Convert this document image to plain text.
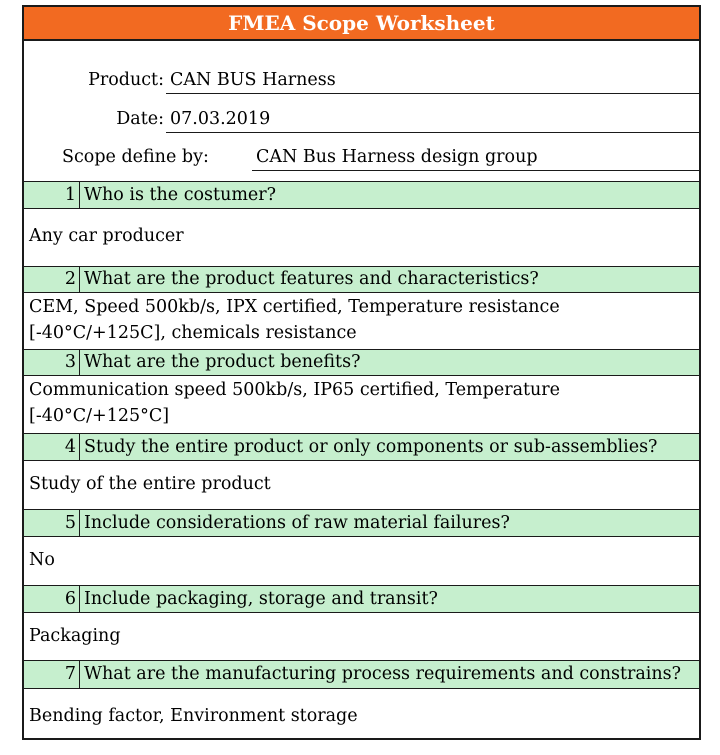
FMEA Scope Worksheet
Product: CAN BUS Harness
Date: 07.03.2019
Scope define by:	CAN Bus Harness design group
1 Who is the costumer?
Any car producer
2 What are the product features and characteristics?
CEM, Speed 500kb/s, IPX certified, Temperature resistance [-40°C/+125C], chemicals resistance
3 What are the product benefits?
Communication speed 500kb/s, IP65 certified, Temperature [-40°C/+125°C]
4 Study the entire product or only components or sub-assemblies?
Study of the entire product
5 Include considerations of raw material failures?
No
6 Include packaging, storage and transit?
Packaging
7 What are the manufacturing process requirements and constrains?
Bending factor, Environment storage
